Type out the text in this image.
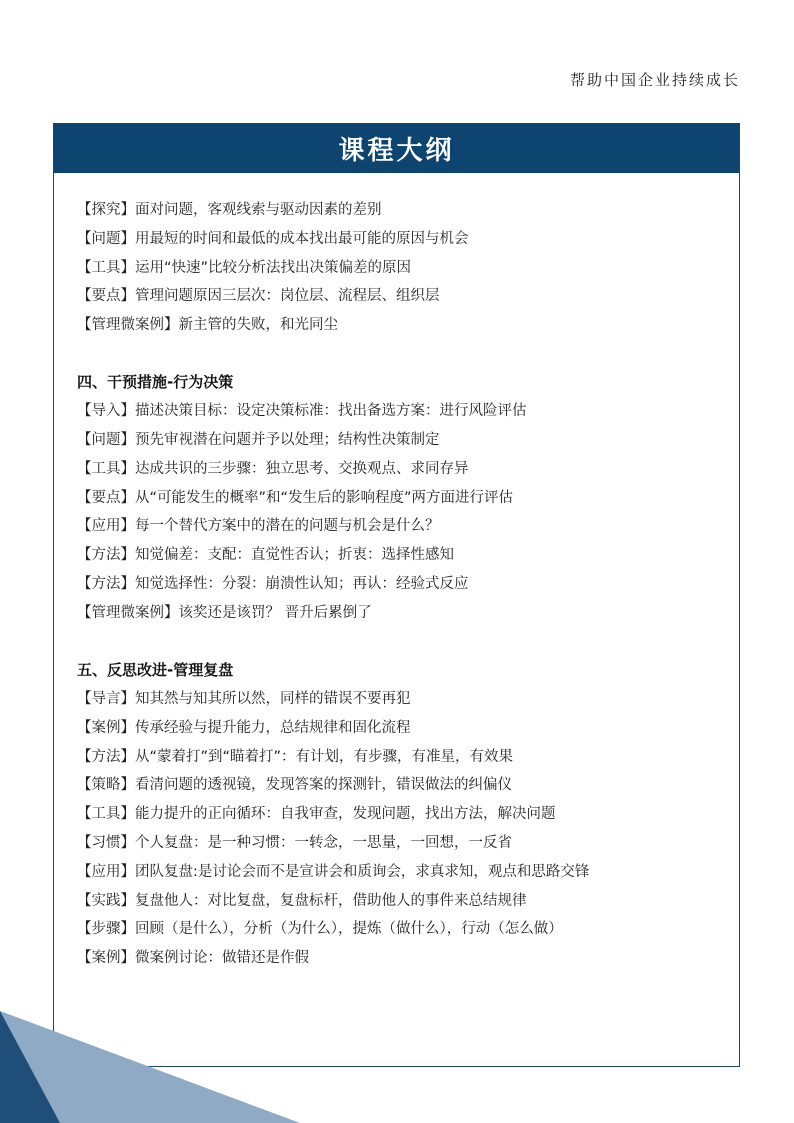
帮助中国企业持续成长
课程大纲
【探究】面对问题，客观线索与驱动因素的差别
【问题】用最短的时间和最低的成本找出最可能的原因与机会
【工具】运用“快速”比较分析法找出决策偏差的原因
【要点】管理问题原因三层次：岗位层、流程层、组织层
【管理微案例】新主管的失败，和光同尘
四、干预措施-行为决策
【导入】描述决策目标：设定决策标准：找出备选方案：进行风险评估
【问题】预先审视潜在问题并予以处理；结构性决策制定
【工具】达成共识的三步骤：独立思考、交换观点、求同存异
【要点】从“可能发生的概率”和“发生后的影响程度”两方面进行评估
【应用】每一个替代方案中的潜在的问题与机会是什么？
【方法】知觉偏差：支配：直觉性否认；折衷：选择性感知
【方法】知觉选择性：分裂：崩溃性认知；再认：经验式反应
【管理微案例】该奖还是该罚？ 晋升后累倒了
五、反思改进-管理复盘
【导言】知其然与知其所以然，同样的错误不要再犯
【案例】传承经验与提升能力，总结规律和固化流程
【方法】从“蒙着打”到“瞄着打”：有计划，有步骤，有准星，有效果
【策略】看清问题的透视镜，发现答案的探测针，错误做法的纠偏仪
【工具】能力提升的正向循环：自我审查，发现问题，找出方法，解决问题
【习惯】个人复盘：是一种习惯：一转念，一思量，一回想，一反省
【应用】团队复盘:是讨论会而不是宣讲会和质询会，求真求知，观点和思路交锋
【实践】复盘他人：对比复盘，复盘标杆，借助他人的事件来总结规律
【步骤】回顾（是什么），分析（为什么），提炼（做什么），行动（怎么做）
【案例】微案例讨论：做错还是作假
